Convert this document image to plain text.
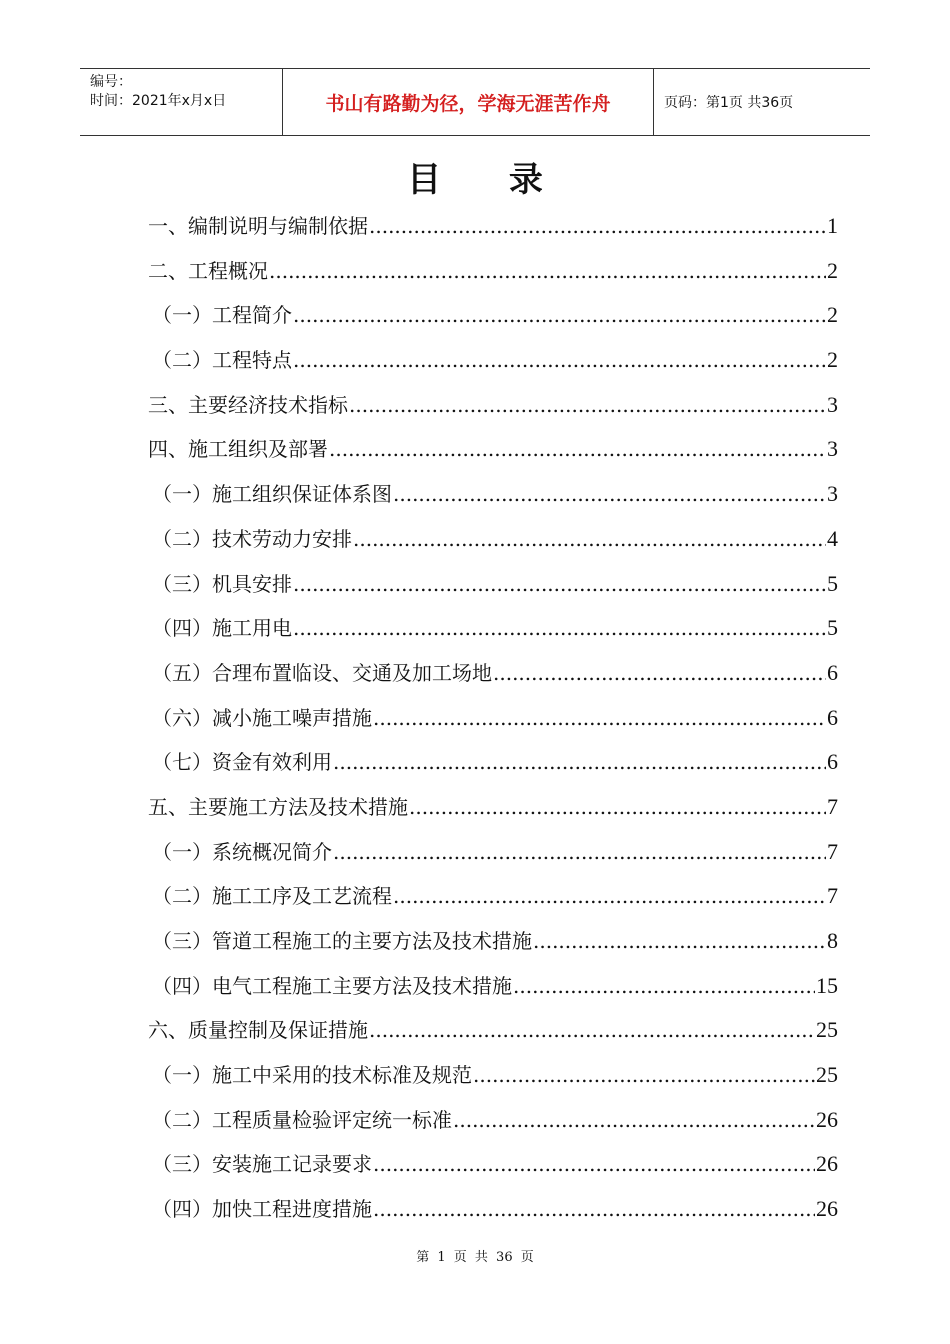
编号：
时间：2021年x月x日	书山有路勤为径，学海无涯苦作舟	页码：第1页 共36页
目 录
一、编制说明与编制依据 .....	1
二、工程概况 .....	2
（一）工程简介 .....	2
（二）工程特点 .....	2
三、主要经济技术指标 .....	3
四、施工组织及部署 .....	3
（一）施工组织保证体系图 .....	3
（二）技术劳动力安排 .....	4
（三）机具安排 .....	5
（四）施工用电 .....	5
（五）合理布置临设、交通及加工场地 .....	6
（六）减小施工噪声措施 .....	6
（七）资金有效利用 .....	6
五、主要施工方法及技术措施 .....	7
（一）系统概况简介 .....	7
（二）施工工序及工艺流程 .....	7
（三）管道工程施工的主要方法及技术措施 .....	8
（四）电气工程施工主要方法及技术措施 .....	15
六、质量控制及保证措施 .....	25
（一）施工中采用的技术标准及规范 .....	25
（二）工程质量检验评定统一标准 .....	26
（三）安装施工记录要求 .....	26
（四）加快工程进度措施 .....	26
第 1 页 共 36 页
